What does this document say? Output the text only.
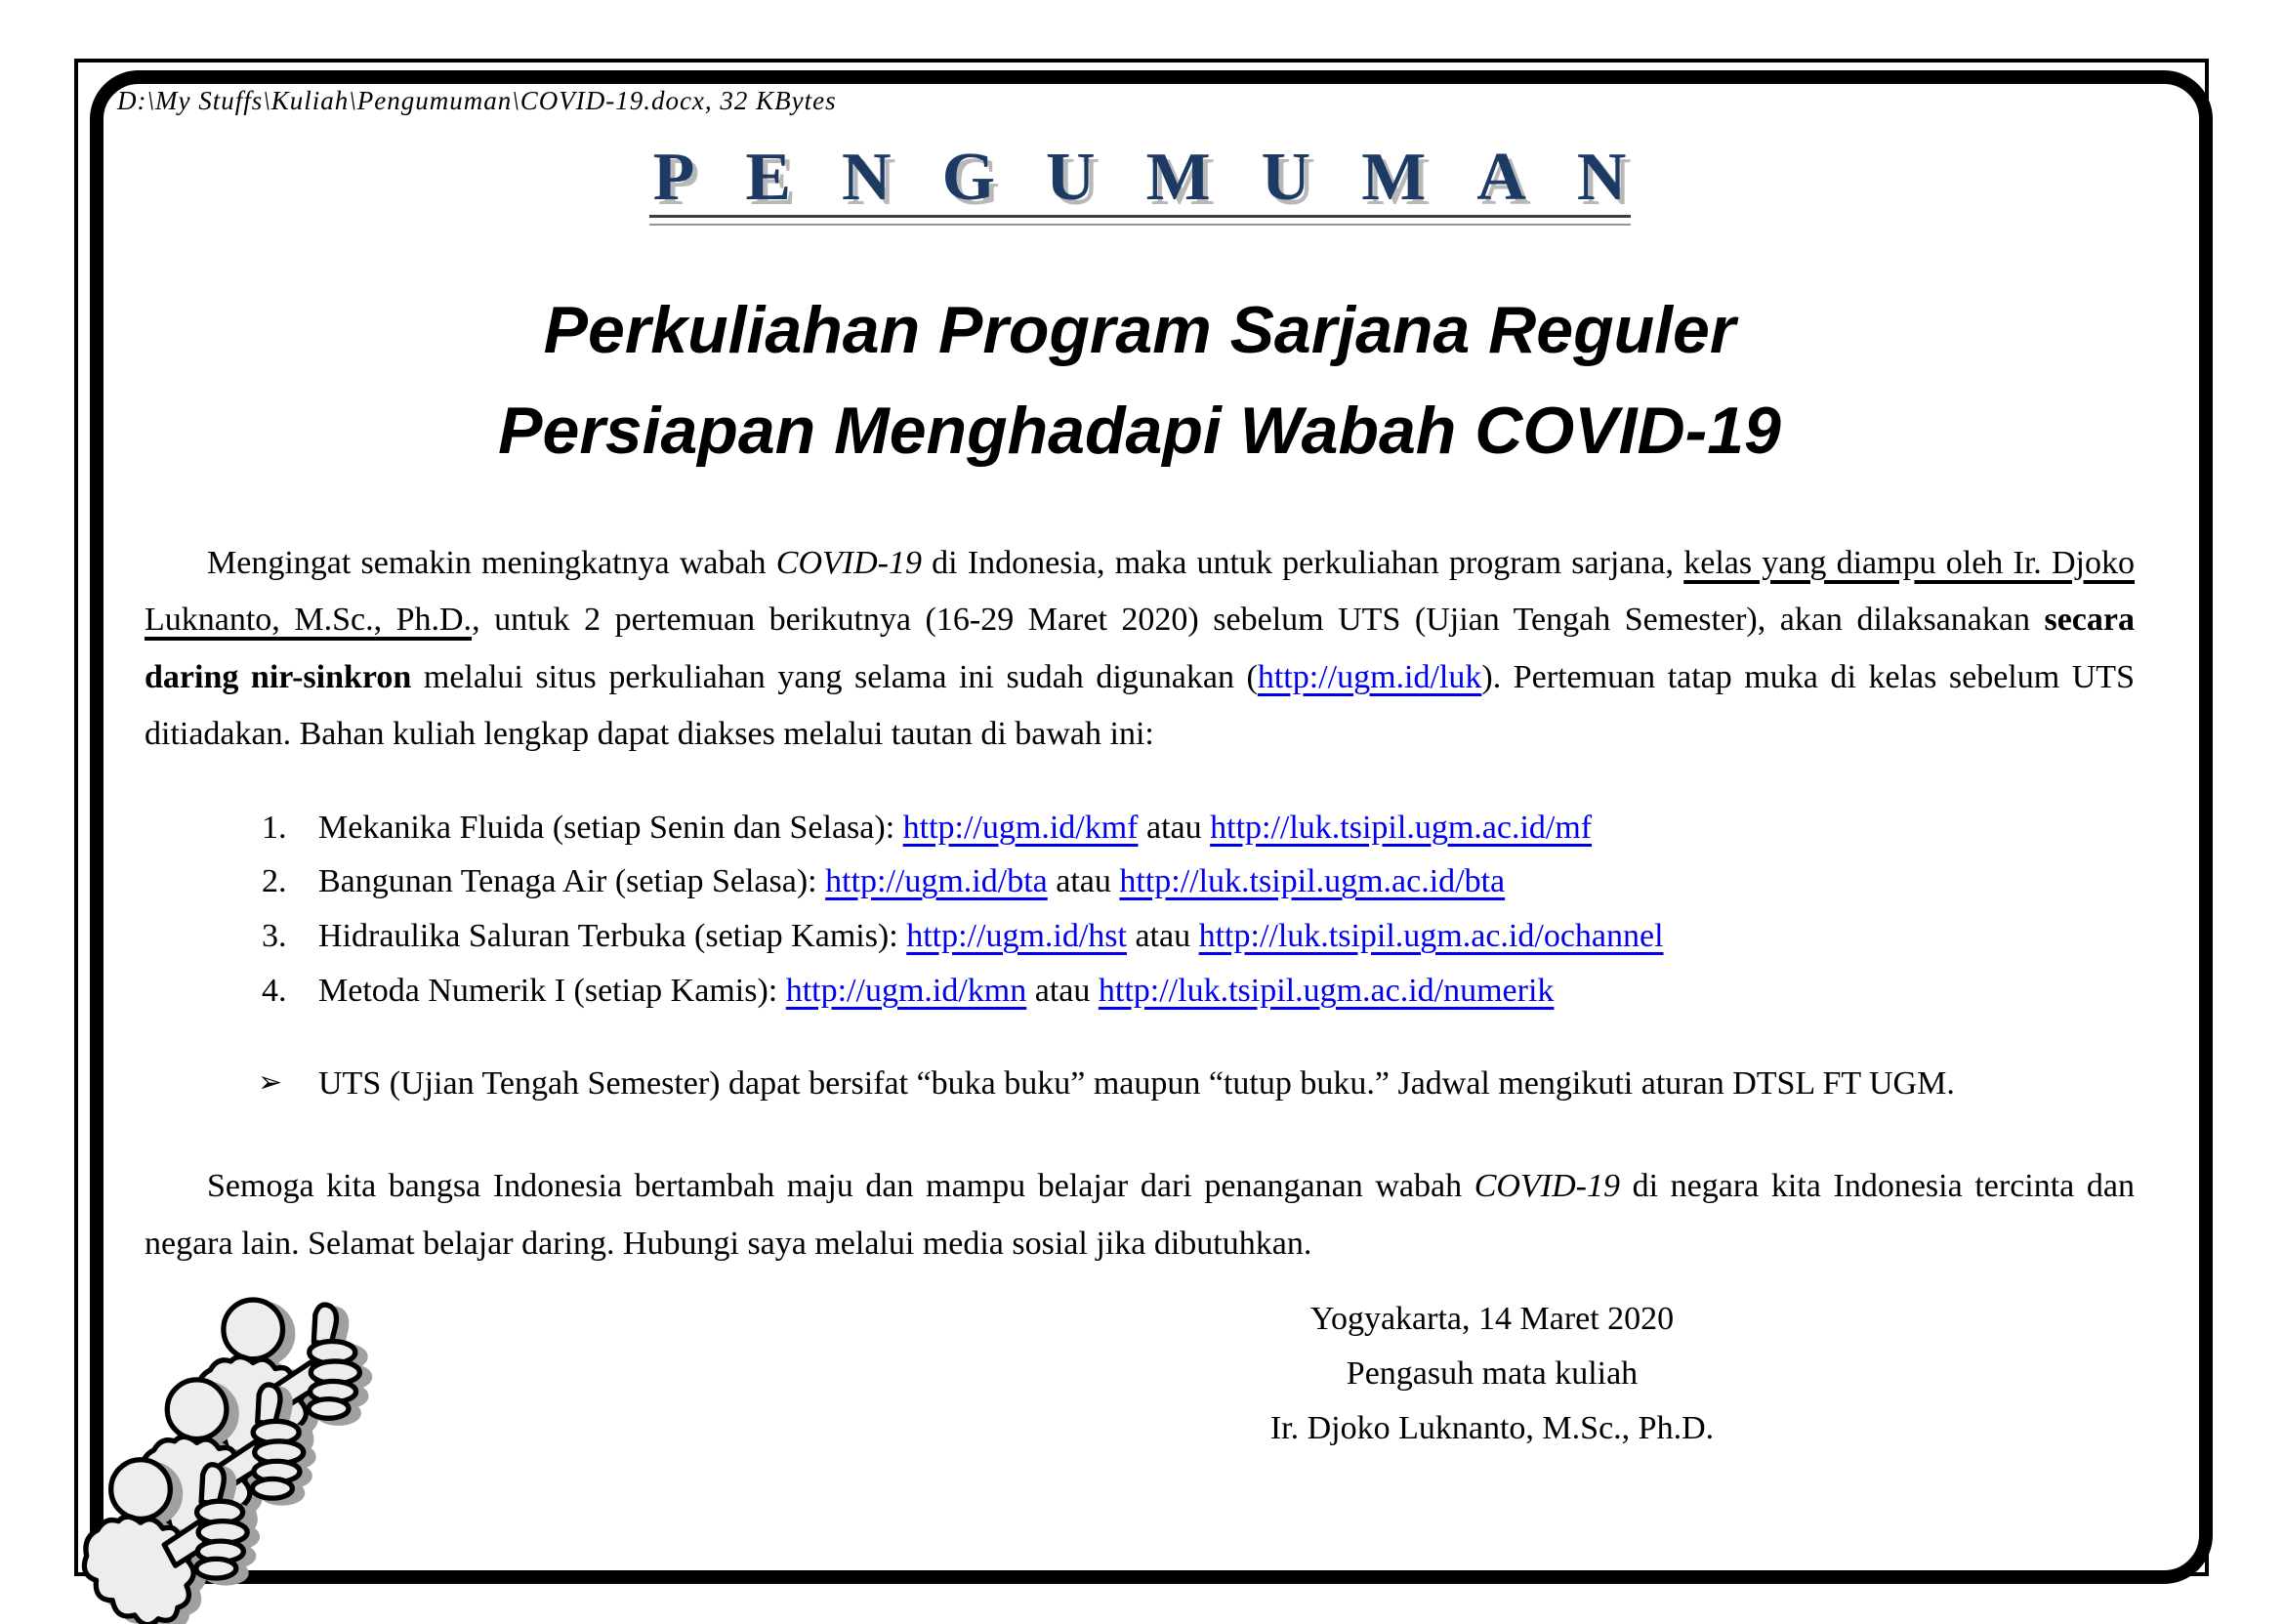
D:\My Stuffs\Kuliah\Pengumuman\COVID-19.docx, 32 KBytes
PENGUMUMAN
Perkuliahan Program Sarjana Reguler
Persiapan Menghadapi Wabah COVID-19

Mengingat semakin meningkatnya wabah COVID-19 di Indonesia, maka untuk perkuliahan program sarjana, kelas yang diampu oleh Ir. Djoko Luknanto, M.Sc., Ph.D., untuk 2 pertemuan berikutnya (16-29 Maret 2020) sebelum UTS (Ujian Tengah Semester), akan dilaksanakan secara daring nir-sinkron melalui situs perkuliahan yang selama ini sudah digunakan (http://ugm.id/luk). Pertemuan tatap muka di kelas sebelum UTS ditiadakan. Bahan kuliah lengkap dapat diakses melalui tautan di bawah ini:

1. Mekanika Fluida (setiap Senin dan Selasa): http://ugm.id/kmf atau http://luk.tsipil.ugm.ac.id/mf
2. Bangunan Tenaga Air (setiap Selasa): http://ugm.id/bta atau http://luk.tsipil.ugm.ac.id/bta
3. Hidraulika Saluran Terbuka (setiap Kamis): http://ugm.id/hst atau http://luk.tsipil.ugm.ac.id/ochannel
4. Metoda Numerik I (setiap Kamis): http://ugm.id/kmn atau http://luk.tsipil.ugm.ac.id/numerik
➢	UTS (Ujian Tengah Semester) dapat bersifat “buka buku” maupun “tutup buku.” Jadwal mengikuti aturan DTSL FT UGM.

Semoga kita bangsa Indonesia bertambah maju dan mampu belajar dari penanganan wabah COVID-19 di negara kita Indonesia tercinta dan negara lain. Selamat belajar daring. Hubungi saya melalui media sosial jika dibutuhkan.

Yogyakarta, 14 Maret 2020
Pengasuh mata kuliah
Ir. Djoko Luknanto, M.Sc., Ph.D.
